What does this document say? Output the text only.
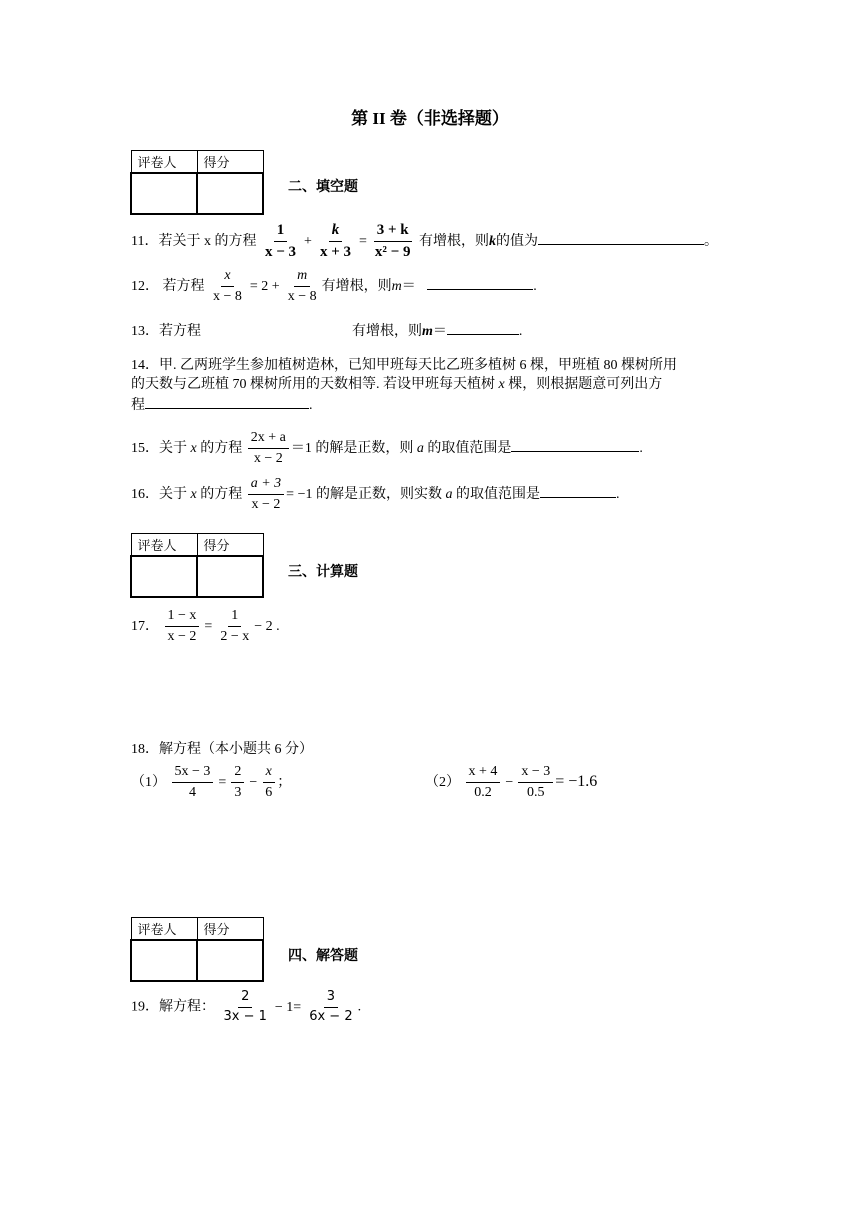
第 II 卷（非选择题）
评卷人	得分

二、填空题
11．若关于 x 的方程 $\frac{1}{x - 3} + \frac{k}{x + 3} = \frac{3 + k}{\text{x² − 9}}$ 有增根，则k的值为	。
12． 若方程 $\frac{x}{x - 8} = 2 + \frac{m}{x - 8}$ 有增根，则m＝	.
13．若方程	有增根，则m＝	.
14．甲. 乙两班学生参加植树造林，已知甲班每天比乙班多植树 6 棵，甲班植 80 棵树所用
的天数与乙班植 70 棵树所用的天数相等. 若设甲班每天植树 x 棵，则根据题意可列出方
程	.
15．关于 x 的方程 $\frac{2x + a}{x - 2} =1$ 的解是正数，则 a 的取值范围是	.
16．关于 x 的方程 $\frac{a + 3}{x - 2} = -1$ 的解是正数，则实数 a 的取值范围是	.
评卷人	得分

三、计算题
17． $\frac{1 - x}{x - 2} = \frac{1}{2 - x} - 2$ .
18．解方程（本小题共 6 分）
$(1) \frac{5x - 3}{4} = \frac{2}{3} - \frac{x}{6}$ ；	$(2) \frac{x + 4}{0.2} - \frac{x - 3}{0.5} = -1.6$
评卷人	得分

四、解答题
19．解方程： $\frac{2}{3x - 1} - 1= \frac{3}{6x - 2}$ .
